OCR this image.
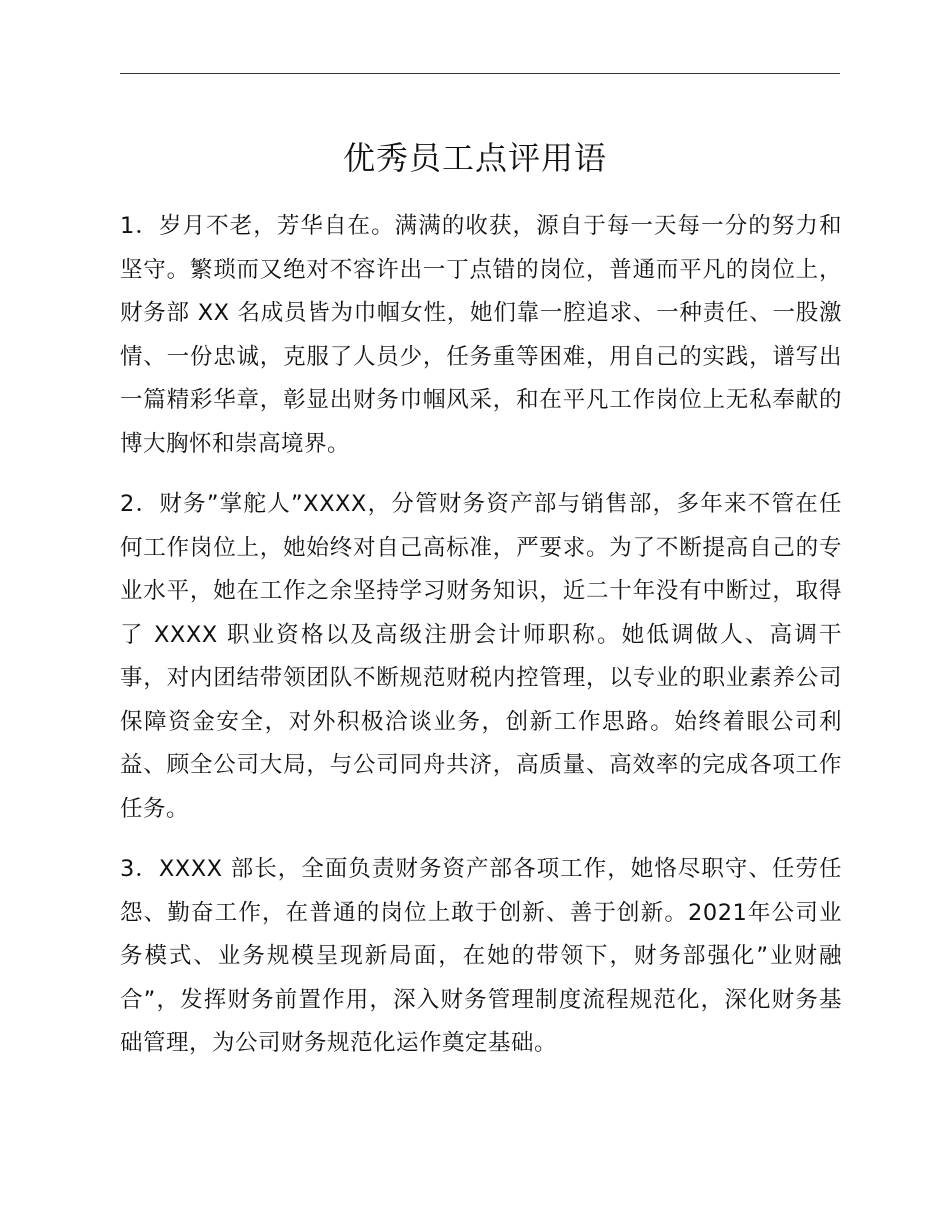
优秀员工点评用语

1．岁月不老，芳华自在。满满的收获，源自于每一天每一分的努力和坚守。繁琐而又绝对不容许出一丁点错的岗位，普通而平凡的岗位上，财务部 XX 名成员皆为巾帼女性，她们靠一腔追求、一种责任、一股激情、一份忠诚，克服了人员少，任务重等困难，用自己的实践，谱写出一篇精彩华章，彰显出财务巾帼风采，和在平凡工作岗位上无私奉献的博大胸怀和崇高境界。

2．财务”掌舵人”XXXX，分管财务资产部与销售部，多年来不管在任何工作岗位上，她始终对自己高标准，严要求。为了不断提高自己的专业水平，她在工作之余坚持学习财务知识，近二十年没有中断过，取得了 XXXX 职业资格以及高级注册会计师职称。她低调做人、高调干事，对内团结带领团队不断规范财税内控管理，以专业的职业素养公司保障资金安全，对外积极洽谈业务，创新工作思路。始终着眼公司利益、顾全公司大局，与公司同舟共济，高质量、高效率的完成各项工作任务。

3．XXXX 部长，全面负责财务资产部各项工作，她恪尽职守、任劳任怨、勤奋工作，在普通的岗位上敢于创新、善于创新。2021年公司业务模式、业务规模呈现新局面，在她的带领下，财务部强化”业财融合”，发挥财务前置作用，深入财务管理制度流程规范化，深化财务基础管理，为公司财务规范化运作奠定基础。
